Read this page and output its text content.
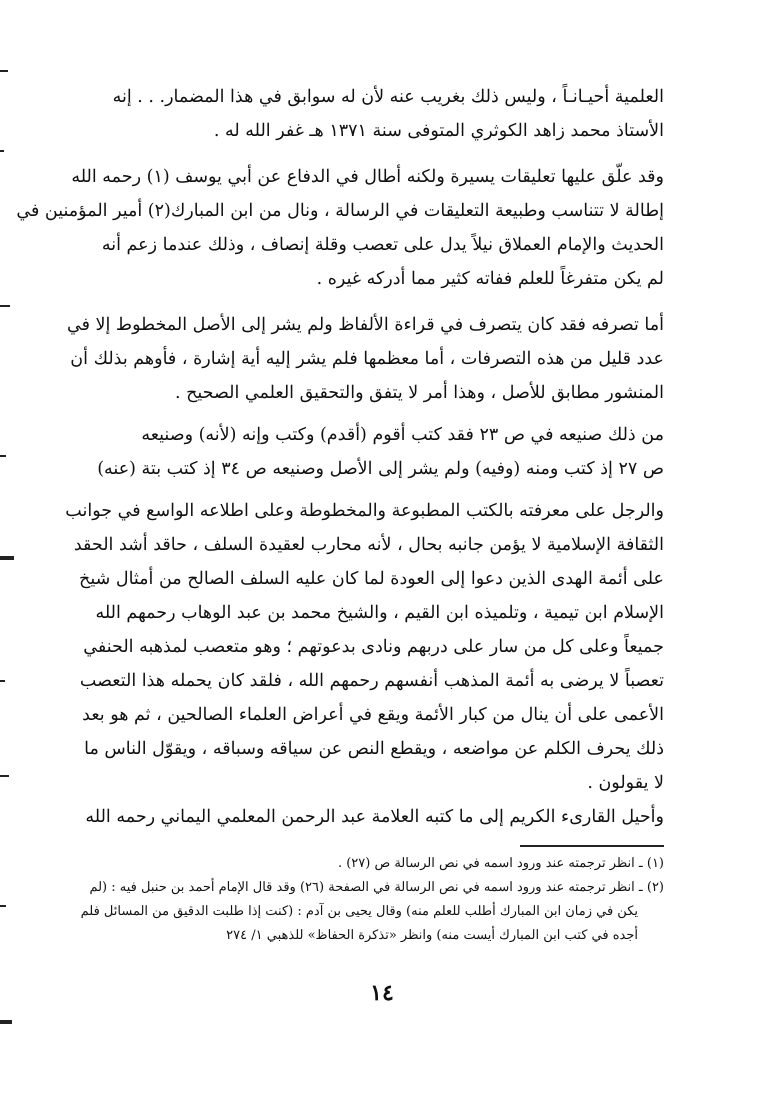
العلمية أحيـانـاً ، وليس ذلك بغريب عنه لأن له سوابق في هذا المضمار. . . إنه
الأستاذ محمد زاهد الكوثري المتوفى سنة ١٣٧١ هـ غفر الله له .
وقد علّق عليها تعليقات يسيرة ولكنه أطال في الدفاع عن أبي يوسف (١) رحمه الله
إطالة لا تتناسب وطبيعة التعليقات في الرسالة ، ونال من ابن المبارك(٢) أمير المؤمنين في
الحديث والإمام العملاق نيلاً يدل على تعصب وقلة إنصاف ، وذلك عندما زعم أنه
لم يكن متفرغاً للعلم ففاته كثير مما أدركه غيره .
أما تصرفه فقد كان يتصرف في قراءة الألفاظ ولم يشر إلى الأصل المخطوط إلا في
عدد قليل من هذه التصرفات ، أما معظمها فلم يشر إليه أية إشارة ، فأوهم بذلك أن
المنشور مطابق للأصل ، وهذا أمر لا يتفق والتحقيق العلمي الصحيح .
من ذلك صنيعه في ص ٢٣ فقد كتب أقوم (أقدم) وكتب وإنه (لأنه) وصنيعه
ص ٢٧ إذ كتب ومنه (وفيه) ولم يشر إلى الأصل وصنيعه ص ٣٤ إذ كتب بتة (عنه)
والرجل على معرفته بالكتب المطبوعة والمخطوطة وعلى اطلاعه الواسع في جوانب
الثقافة الإسلامية لا يؤمن جانبه بحال ، لأنه محارب لعقيدة السلف ، حاقد أشد الحقد
على أئمة الهدى الذين دعوا إلى العودة لما كان عليه السلف الصالح من أمثال شيخ
الإسلام ابن تيمية ، وتلميذه ابن القيم ، والشيخ محمد بن عبد الوهاب رحمهم الله
جميعاً وعلى كل من سار على دربهم ونادى بدعوتهم ؛ وهو متعصب لمذهبه الحنفي
تعصباً لا يرضى به أئمة المذهب أنفسهم رحمهم الله ، فلقد كان يحمله هذا التعصب
الأعمى على أن ينال من كبار الأئمة ويقع في أعراض العلماء الصالحين ، ثم هو بعد
ذلك يحرف الكلم عن مواضعه ، ويقطع النص عن سياقه وسباقه ، ويقوّل الناس ما
لا يقولون .
وأحيل القارىء الكريم إلى ما كتبه العلامة عبد الرحمن المعلمي اليماني رحمه الله
(١) ـ انظر ترجمته عند ورود اسمه في نص الرسالة ص (٢٧) .
(٢) ـ انظر ترجمته عند ورود اسمه في نص الرسالة في الصفحة (٢٦) وقد قال الإمام أحمد بن حنبل فيه : (لم
يكن في زمان ابن المبارك أطلب للعلم منه) وقال يحيى بن آدم : (كنت إذا طلبت الدقيق من المسائل فلم
أجده في كتب ابن المبارك أيست منه) وانظر «تذكرة الحفاظ» للذهبي ١/ ٢٧٤
١٤
